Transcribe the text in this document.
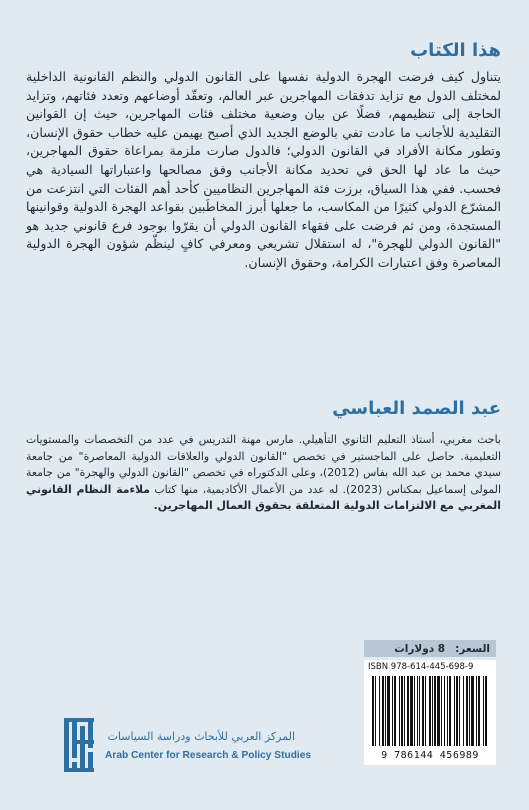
هذا الكتاب
يتناول كيف فرضت الهجرة الدولية نفسها على القانون الدولي والنظم القانونية الداخلية لمختلف الدول مع تزايد تدفقات المهاجرين عبر العالم، وتعقّد أوضاعهم وتعدد فئاتهم، وتزايد الحاجة إلى تنظيمهم، فضلًا عن بيان وضعية مختلف فئات المهاجرين، حيث إن القوانين التقليدية للأجانب ما عادت تفي بالوضع الجديد الذي أصبح يهيمن عليه خطاب حقوق الإنسان، وتطور مكانة الأفراد في القانون الدولي؛ فالدول صارت ملزمة بمراعاة حقوق المهاجرين، حيث ما عاد لها الحق في تحديد مكانة الأجانب وفق مصالحها واعتباراتها السيادية هي فحسب. ففي هذا السياق، برزت فئة المهاجرين النظاميين كأحد أهم الفئات التي انتزعت من المشرّع الدولي كثيرًا من المكاسب، ما جعلها أبرز المخاطَبين بقواعد الهجرة الدولية وقوانينها المستجدة، ومن ثم فرضت على فقهاء القانون الدولي أن يقرّوا بوجود فرع قانوني جديد هو "القانون الدولي للهجرة"، له استقلال تشريعي ومعرفي كافٍ لينظّم شؤون الهجرة الدولية المعاصرة وفق اعتبارات الكرامة، وحقوق الإنسان.
عبد الصمد العباسي
باحث مغربي، أستاذ التعليم الثانوي التأهيلي. مارس مهنة التدريس في عدد من التخصصات والمستويات التعليمية. حاصل على الماجستير في تخصص "القانون الدولي والعلاقات الدولية المعاصرة" من جامعة سيدي محمد بن عبد الله بفاس (2012)، وعلى الدكتوراه في تخصص "القانون الدولي والهجرة" من جامعة المولى إسماعيل بمكناس (2023). له عدد من الأعمال الأكاديمية، منها كتاب ملاءمة النظام القانوني المغربي مع الالتزامات الدولية المتعلقة بحقوق العمال المهاجرين.
السعر:
8 دولارات
ISBN 978-614-445-698-9
9 786144 456989
المركز العربي للأبحاث ودراسة السياسات
Arab Center for Research & Policy Studies
